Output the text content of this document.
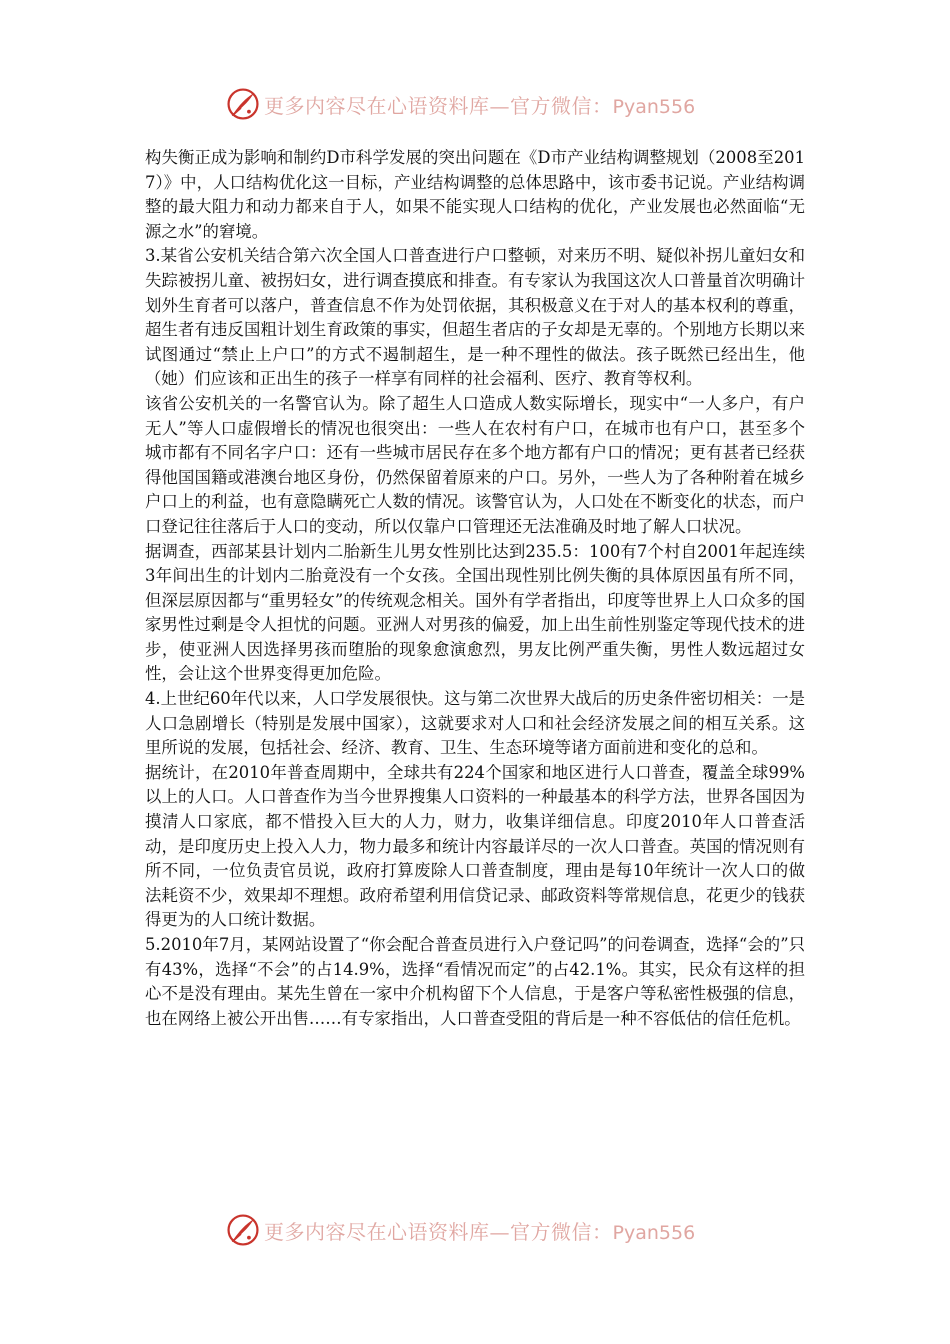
更多内容尽在心语资料库—官方微信：Pyan556

构失衡正成为影响和制约D市科学发展的突出问题在《D市产业结构调整规划（2008至2017）》中，人口结构优化这一目标，产业结构调整的总体思路中，该市委书记说。产业结构调整的最大阻力和动力都来自于人，如果不能实现人口结构的优化，产业发展也必然面临“无源之水”的窘境。

3.某省公安机关结合第六次全国人口普查进行户口整顿，对来历不明、疑似补拐儿童妇女和失踪被拐儿童、被拐妇女，进行调查摸底和排查。有专家认为我国这次人口普量首次明确计划外生育者可以落户，普查信息不作为处罚依据，其积极意义在于对人的基本权利的尊重，超生者有违反国粗计划生育政策的事实，但超生者店的子女却是无辜的。个别地方长期以来试图通过“禁止上户口”的方式不遏制超生，是一种不理性的做法。孩子既然已经出生，他（她）们应该和正出生的孩子一样享有同样的社会福利、医疗、教育等权利。

该省公安机关的一名警官认为。除了超生人口造成人数实际增长，现实中“一人多户，有户无人”等人口虚假增长的情况也很突出：一些人在农村有户口，在城市也有户口，甚至多个城市都有不同名字户口：还有一些城市居民存在多个地方都有户口的情况；更有甚者已经获得他国国籍或港澳台地区身份，仍然保留着原来的户口。另外，一些人为了各种附着在城乡户口上的利益，也有意隐瞒死亡人数的情况。该警官认为，人口处在不断变化的状态，而户口登记往往落后于人口的变动，所以仅靠户口管理还无法准确及时地了解人口状况。

据调查，西部某县计划内二胎新生儿男女性别比达到235.5：100有7个村自2001年起连续3年间出生的计划内二胎竟没有一个女孩。全国出现性别比例失衡的具体原因虽有所不同，但深层原因都与“重男轻女”的传统观念相关。国外有学者指出，印度等世界上人口众多的国家男性过剩是令人担忧的问题。亚洲人对男孩的偏爱，加上出生前性别鉴定等现代技术的进步，使亚洲人因选择男孩而堕胎的现象愈演愈烈，男友比例严重失衡，男性人数远超过女性，会让这个世界变得更加危险。

4.上世纪60年代以来，人口学发展很快。这与第二次世界大战后的历史条件密切相关：一是人口急剧增长（特别是发展中国家），这就要求对人口和社会经济发展之间的相互关系。这里所说的发展，包括社会、经济、教育、卫生、生态环境等诸方面前进和变化的总和。

据统计，在2010年普查周期中，全球共有224个国家和地区进行人口普查，覆盖全球99%以上的人口。人口普查作为当今世界搜集人口资料的一种最基本的科学方法，世界各国因为摸清人口家底，都不惜投入巨大的人力，财力，收集详细信息。印度2010年人口普查活动，是印度历史上投入人力，物力最多和统计内容最详尽的一次人口普查。英国的情况则有所不同，一位负责官员说，政府打算废除人口普查制度，理由是每10年统计一次人口的做法耗资不少，效果却不理想。政府希望利用信贷记录、邮政资料等常规信息，花更少的钱获得更为的人口统计数据。

5.2010年7月，某网站设置了“你会配合普查员进行入户登记吗”的问卷调查，选择“会的”只有43%，选择“不会”的占14.9%，选择“看情况而定”的占42.1%。其实，民众有这样的担心不是没有理由。某先生曾在一家中介机构留下个人信息，于是客户等私密性极强的信息，也在网络上被公开出售……有专家指出，人口普查受阻的背后是一种不容低估的信任危机。

更多内容尽在心语资料库—官方微信：Pyan556
